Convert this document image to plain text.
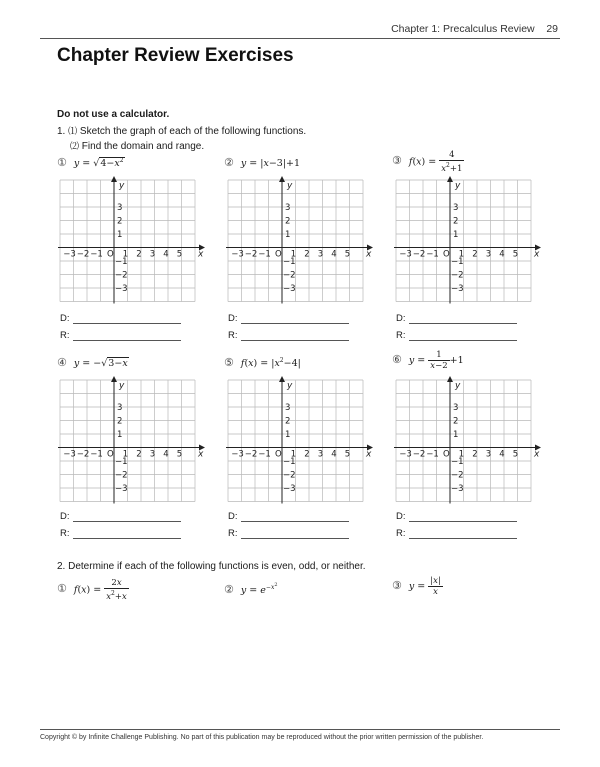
Chapter 1: Precalculus Review 29
Chapter Review Exercises
Do not use a calculator.
1. ⑴ Sketch the graph of each of the following functions.
⑵ Find the domain and range.
① $y = √4-x^2$	② y = |x−3|+1	③ $f(x) = \frac{4}{x^2+1}$
④ y = −√3−x	⑤ $f(x) = |x^2-4|$	⑥ $y = \frac{1}{x-2} +1$
y
x
O
−3 −2 −1 1 2 3 4 5
3
2
1
−1
−2
−3
y
x
O
−3 −2 −1 1 2 3 4 5
3
2
1
−1
−2
−3
y
x
O
−3 −2 −1 1 2 3 4 5
3
2
1
−1
−2
−3
y
x
O
−3 −2 −1 1 2 3 4 5
3
2
1
−1
−2
−3
y
x
O
−3 −2 −1 1 2 3 4 5
3
2
1
−1
−2
−3
y
x
O
−3 −2 −1 1 2 3 4 5
3
2
1
−1
−2
−3
D:
R:
D:
R:
D:
R:
D:
R:
D:
R:
D:
R:
2. Determine if each of the following functions is even, odd, or neither.
① $f(x) = \frac{2x}{x^2+x}$	② $y = e^{-x^2}$	③ $y = \frac{|x|}{x}$
Copyright © by Infinite Challenge Publishing. No part of this publication may be reproduced without the prior written permission of the publisher.
